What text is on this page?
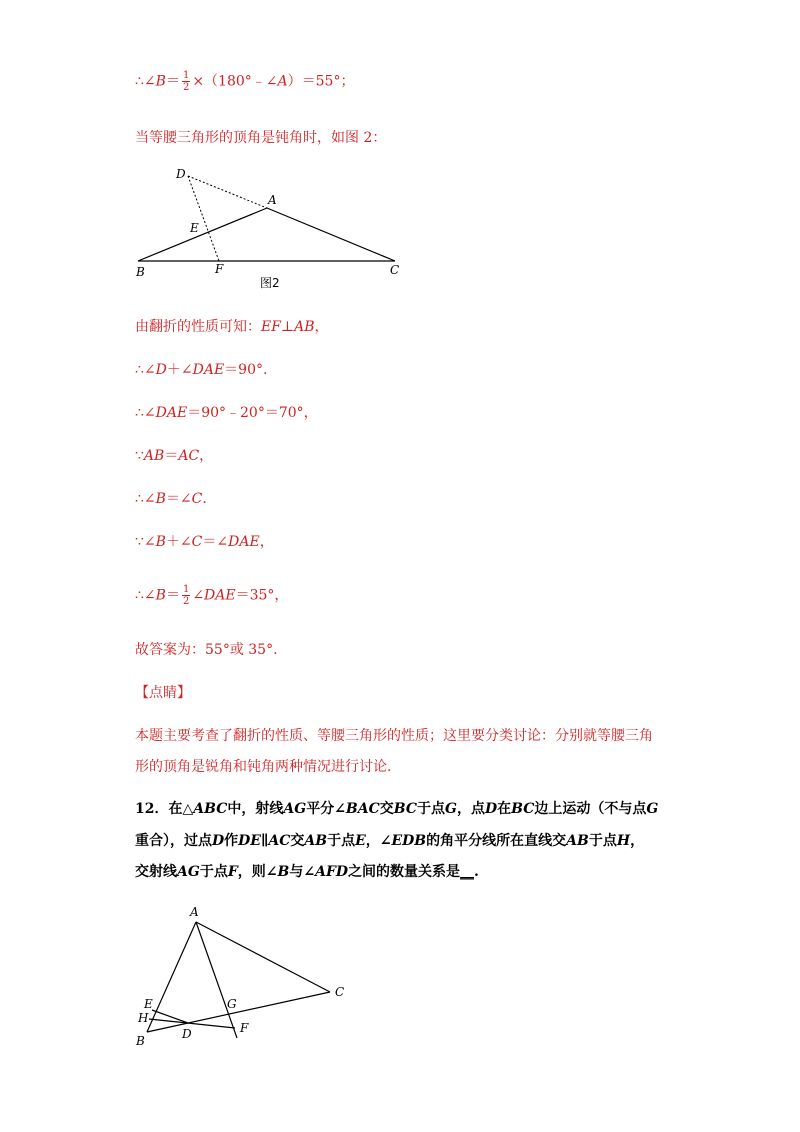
∴∠B＝ $\frac{1}{2}$ ×（180°﹣∠A）＝55°；
当等腰三角形的顶角是钝角时，如图 2：
D
A
E
B	F	C
图2
由翻折的性质可知：EF⊥AB，
∴∠D＋∠DAE＝90°.
∴∠DAE＝90°﹣20°＝70°，
∵AB＝AC，
∴∠B＝∠C.
∵∠B＋∠C＝∠DAE，
∴∠B＝ $\frac{1}{2}$ ∠DAE＝35°，
故答案为：55°或 35°.
【点睛】
本题主要考查了翻折的性质、等腰三角形的性质；这里要分类讨论：分别就等腰三角
形的顶角是锐角和钝角两种情况进行讨论.
12．在△ABC中，射线AG平分∠BAC交BC于点G，点D在BC边上运动（不与点G
重合），过点D作DE∥AC交AB于点E，∠EDB的角平分线所在直线交AB于点H，
交射线AG于点F，则∠B与∠AFD之间的数量关系是__.
A
E	G
C
H
D	F
B
